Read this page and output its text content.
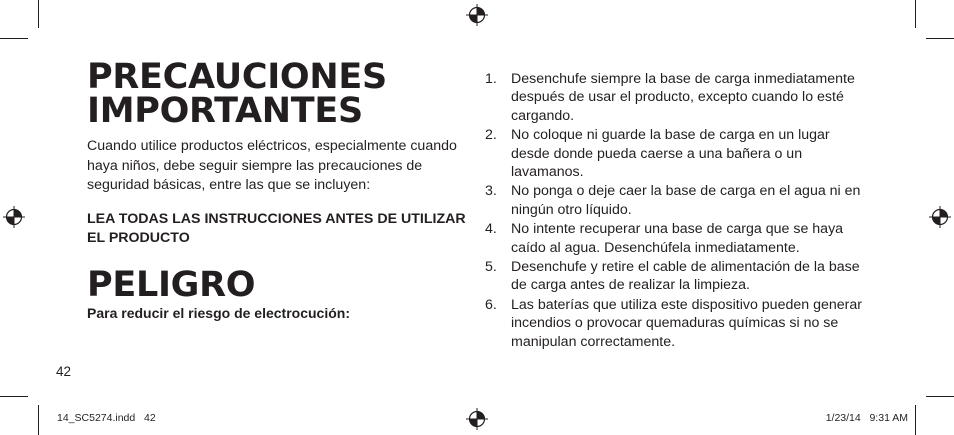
PRECAUCIONES IMPORTANTES

Cuando utilice productos eléctricos, especialmente cuando haya niños, debe seguir siempre las precauciones de seguridad básicas, entre las que se incluyen:

LEA TODAS LAS INSTRUCCIONES ANTES DE UTILIZAR EL PRODUCTO

PELIGRO

Para reducir el riesgo de electrocución:

1. Desenchufe siempre la base de carga inmediatamente después de usar el producto, excepto cuando lo esté cargando.
2. No coloque ni guarde la base de carga en un lugar desde donde pueda caerse a una bañera o un lavamanos.
3. No ponga o deje caer la base de carga en el agua ni en ningún otro líquido.
4. No intente recuperar una base de carga que se haya caído al agua. Desenchúfela inmediatamente.
5. Desenchufe y retire el cable de alimentación de la base de carga antes de realizar la limpieza.
6. Las baterías que utiliza este dispositivo pueden generar incendios o provocar quemaduras químicas si no se manipulan correctamente.

42

14_SC5274.indd   42	1/23/14   9:31 AM
